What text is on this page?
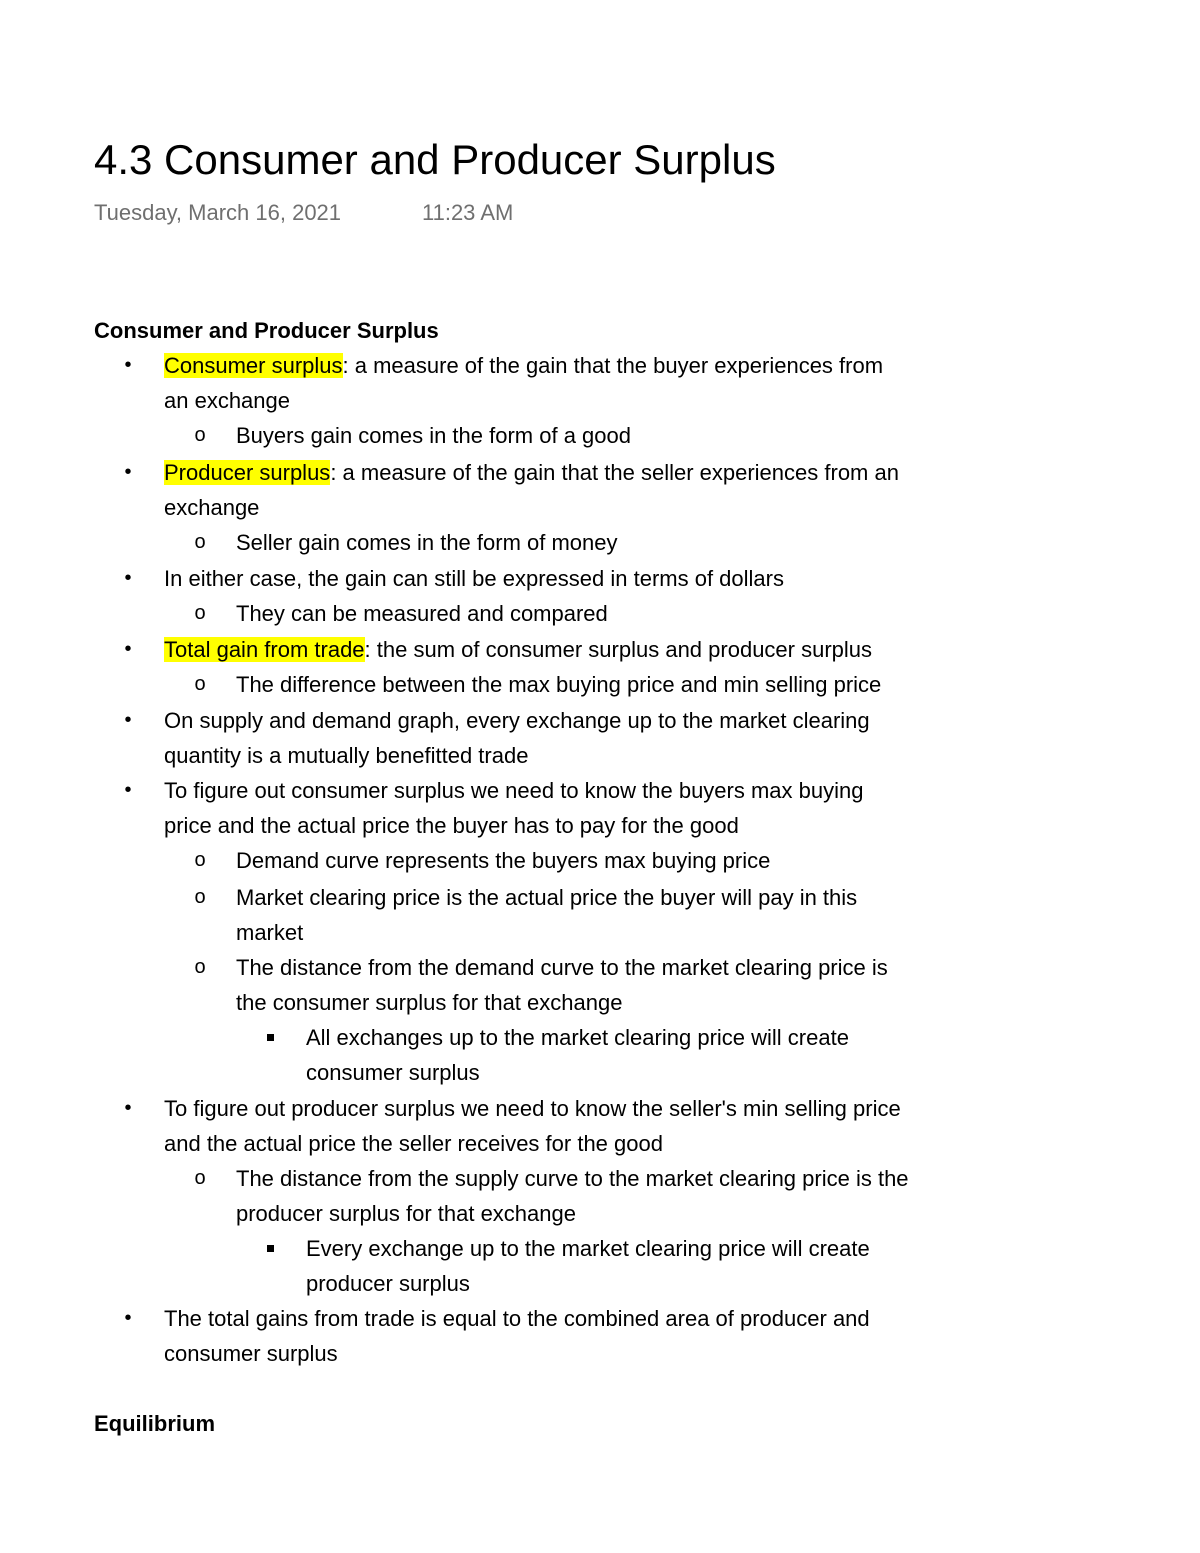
4.3 Consumer and Producer Surplus
Tuesday, March 16, 2021	11:23 AM
Consumer and Producer Surplus
• Consumer surplus: a measure of the gain that the buyer experiences from
an exchange
o Buyers gain comes in the form of a good
• Producer surplus: a measure of the gain that the seller experiences from an
exchange
o Seller gain comes in the form of money
• In either case, the gain can still be expressed in terms of dollars
o They can be measured and compared
• Total gain from trade: the sum of consumer surplus and producer surplus
o The difference between the max buying price and min selling price
• On supply and demand graph, every exchange up to the market clearing
quantity is a mutually benefitted trade
• To figure out consumer surplus we need to know the buyers max buying
price and the actual price the buyer has to pay for the good
o Demand curve represents the buyers max buying price
o Market clearing price is the actual price the buyer will pay in this
market
o The distance from the demand curve to the market clearing price is
the consumer surplus for that exchange
All exchanges up to the market clearing price will create
consumer surplus
• To figure out producer surplus we need to know the seller's min selling price
and the actual price the seller receives for the good
o The distance from the supply curve to the market clearing price is the
producer surplus for that exchange
Every exchange up to the market clearing price will create
producer surplus
• The total gains from trade is equal to the combined area of producer and
consumer surplus
Equilibrium
